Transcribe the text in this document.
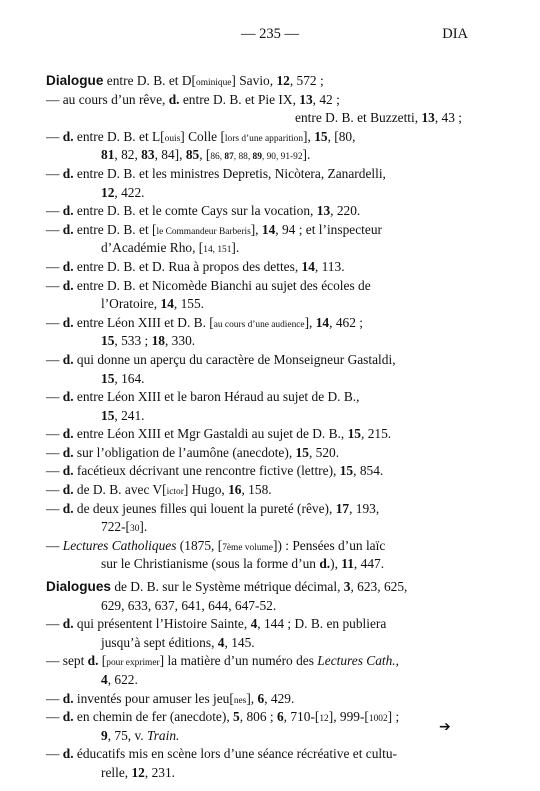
— 235 —	DIA
Dialogue entre D. B. et D[ominique] Savio, 12, 572 ;
— au cours d’un rêve, d. entre D. B. et Pie IX, 13, 42 ;
entre D. B. et Buzzetti, 13, 43 ;
— d. entre D. B. et L[ouis] Colle [lors d’une apparition], 15, [80,
81, 82, 83, 84], 85, [86, 87, 88, 89, 90, 91-92].
— d. entre D. B. et les ministres Depretis, Nicòtera, Zanardelli,
12, 422.
— d. entre D. B. et le comte Cays sur la vocation, 13, 220.
— d. entre D. B. et [le Commandeur Barberis], 14, 94 ; et l’inspecteur
d’Académie Rho, [14, 151].
— d. entre D. B. et D. Rua à propos des dettes, 14, 113.
— d. entre D. B. et Nicomède Bianchi au sujet des écoles de
l’Oratoire, 14, 155.
— d. entre Léon XIII et D. B. [au cours d’une audience], 14, 462 ;
15, 533 ; 18, 330.
— d. qui donne un aperçu du caractère de Monseigneur Gastaldi,
15, 164.
— d. entre Léon XIII et le baron Héraud au sujet de D. B.,
15, 241.
— d. entre Léon XIII et Mgr Gastaldi au sujet de D. B., 15, 215.
— d. sur l’obligation de l’aumône (anecdote), 15, 520.
— d. facétieux décrivant une rencontre fictive (lettre), 15, 854.
— d. de D. B. avec V[ictor] Hugo, 16, 158.
— d. de deux jeunes filles qui louent la pureté (rêve), 17, 193,
722-[30].
— Lectures Catholiques (1875, [7ème volume]) : Pensées d’un laïc
sur le Christianisme (sous la forme d’un d.), 11, 447.
Dialogues de D. B. sur le Système métrique décimal, 3, 623, 625,
629, 633, 637, 641, 644, 647-52.
— d. qui présentent l’Histoire Sainte, 4, 144 ; D. B. en publiera
jusqu’à sept éditions, 4, 145.
— sept d. [pour exprimer] la matière d’un numéro des Lectures Cath.,
4, 622.
— d. inventés pour amuser les jeu[nes], 6, 429.
— d. en chemin de fer (anecdote), 5, 806 ; 6, 710-[12], 999-[1002] ;
9, 75, v. Train.
— d. éducatifs mis en scène lors d’une séance récréative et cultu-
relle, 12, 231.
➔
